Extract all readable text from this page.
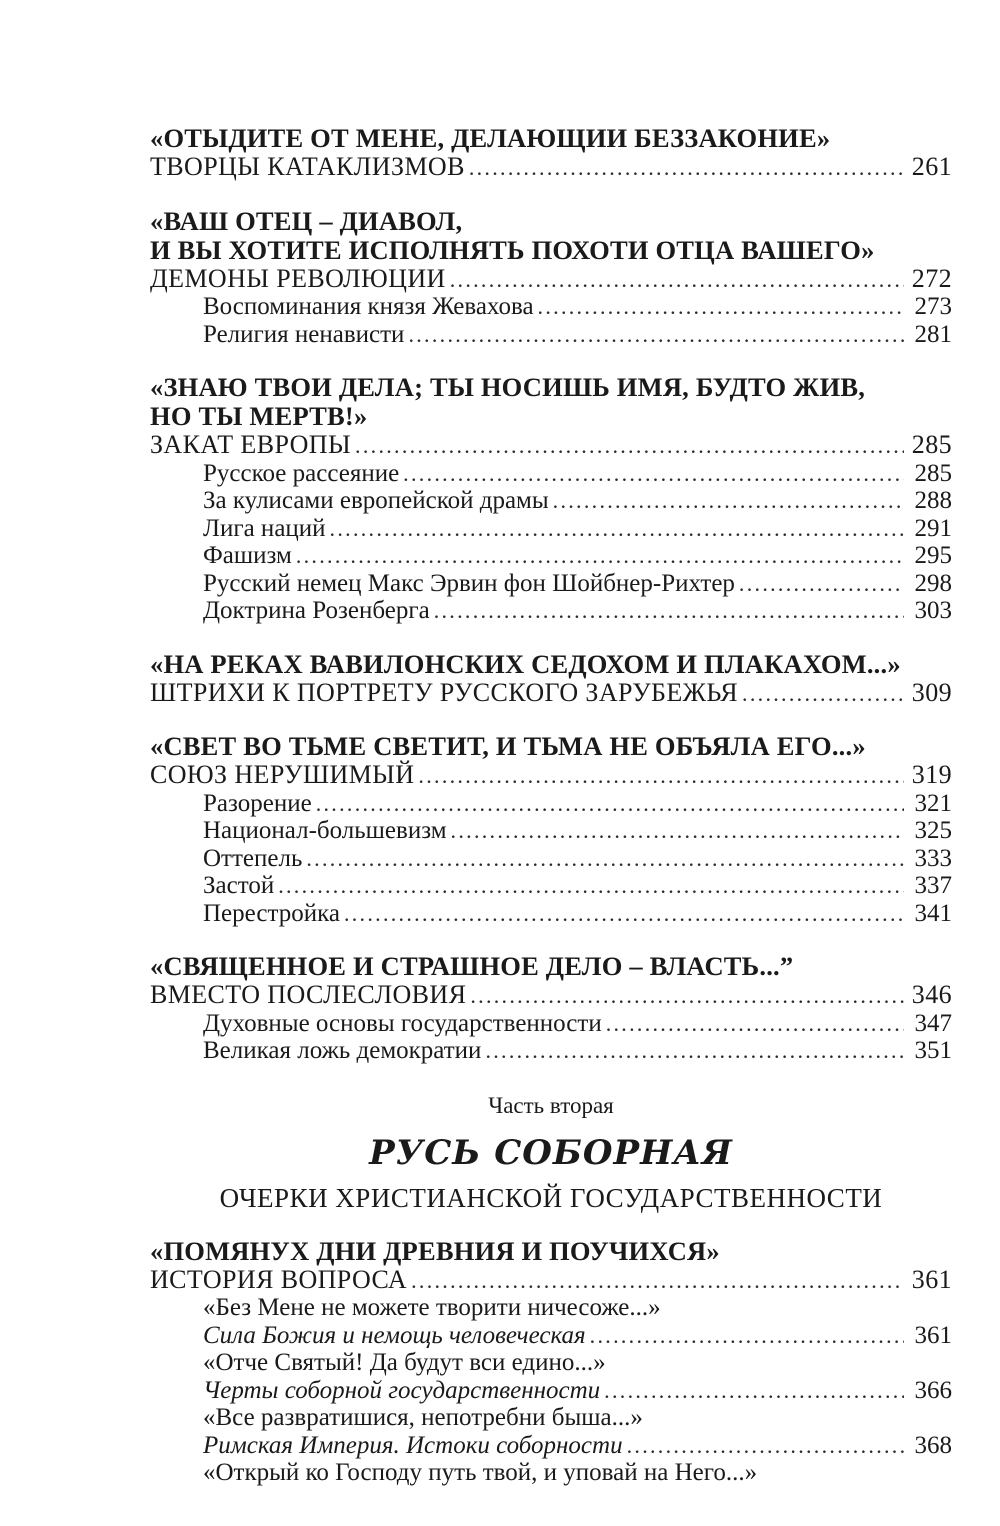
«ОТЫДИТЕ ОТ МЕНЕ, ДЕЛАЮЩИИ БЕЗЗАКОНИЕ»
ТВОРЦЫ КАТАКЛИЗМОВ . . .	261
«ВАШ ОТЕЦ – ДИАВОЛ,
И ВЫ ХОТИТЕ ИСПОЛНЯТЬ ПОХОТИ ОТЦА ВАШЕГО»
ДЕМОНЫ РЕВОЛЮЦИИ . . .	272
Воспоминания князя Жевахова . . .	273
Религия ненависти . . .	281
«ЗНАЮ ТВОИ ДЕЛА; ТЫ НОСИШЬ ИМЯ, БУДТО ЖИВ,
НО ТЫ МЕРТВ!»
ЗАКАТ ЕВРОПЫ . . .	285
Русское рассеяние . . .	285
За кулисами европейской драмы . . .	288
Лига наций . . .	291
Фашизм . . .	295
Русский немец Макс Эрвин фон Шойбнер-Рихтер . . .	298
Доктрина Розенберга . . .	303
«НА РЕКАХ ВАВИЛОНСКИХ СЕДОХОМ И ПЛАКАХОМ...»
ШТРИХИ К ПОРТРЕТУ РУССКОГО ЗАРУБЕЖЬЯ . . .	309
«СВЕТ ВО ТЬМЕ СВЕТИТ, И ТЬМА НЕ ОБЪЯЛА ЕГО...»
СОЮЗ НЕРУШИМЫЙ . . .	319
Разорение . . .	321
Национал-большевизм . . .	325
Оттепель . . .	333
Застой . . .	337
Перестройка . . .	341
«СВЯЩЕННОЕ И СТРАШНОЕ ДЕЛО – ВЛАСТЬ...”
ВМЕСТО ПОСЛЕСЛОВИЯ . . .	346
Духовные основы государственности . . .	347
Великая ложь демократии . . .	351
Часть вторая
РУСЬ СОБОРНАЯ
ОЧЕРКИ ХРИСТИАНСКОЙ ГОСУДАРСТВЕННОСТИ
«ПОМЯНУХ ДНИ ДРЕВНИЯ И ПОУЧИХСЯ»
ИСТОРИЯ ВОПРОСА . . .	361
«Без Мене не можете творити ничесоже...»
Сила Божия и немощь человеческая . . .	361
«Отче Святый! Да будут вси едино...»
Черты соборной государственности . . .	366
«Все развратишися, непотребни быша...»
Римская Империя. Истоки соборности . . .	368
«Открый ко Господу путь твой, и уповай на Него...»
